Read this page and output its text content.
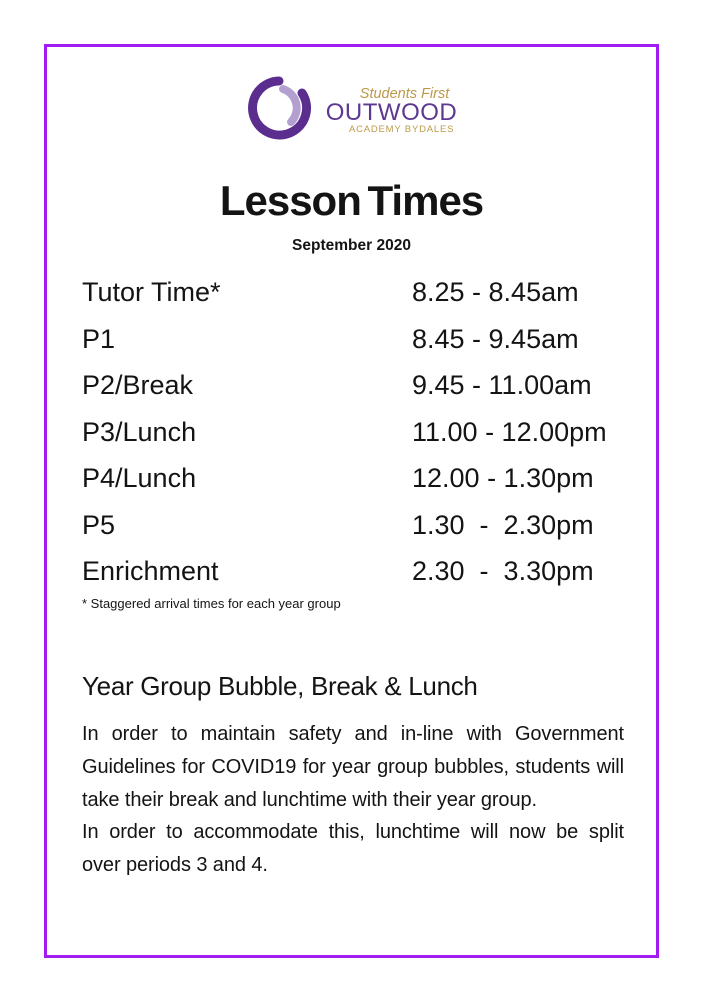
Students First
OUTWOOD
ACADEMY BYDALES
Lesson Times
September 2020
Tutor Time*	8.25 - 8.45am
P1	8.45 - 9.45am
P2/Break	9.45 - 11.00am
P3/Lunch	11.00 - 12.00pm
P4/Lunch	12.00 - 1.30pm
P5	1.30  -  2.30pm
Enrichment	2.30  -  3.30pm
* Staggered arrival times for each year group
Year Group Bubble, Break & Lunch
In order to maintain safety and in-line with Government
Guidelines for COVID19 for year group bubbles, students will
take their break and lunchtime with their year group.
In order to accommodate this, lunchtime will now be split
over periods 3 and 4.
